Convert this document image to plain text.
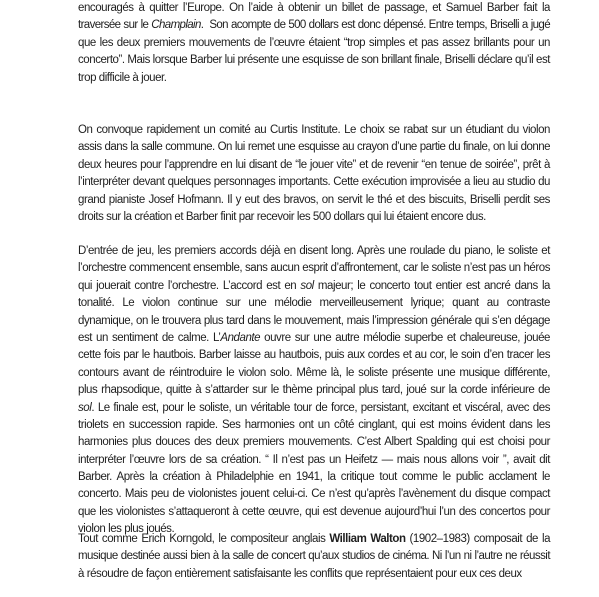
encouragés à quitter l’Europe. On l’aide à obtenir un billet de passage, et Samuel Barber fait la
traversée sur le Champlain.  Son acompte de 500 dollars est donc dépensé. Entre temps, Briselli a jugé
que les deux premiers mouvements de l’œuvre étaient “trop simples et pas assez brillants pour un
concerto”. Mais lorsque Barber lui présente une esquisse de son brillant finale, Briselli déclare qu’il est
trop difficile à jouer.

On convoque rapidement un comité au Curtis Institute. Le choix se rabat sur un étudiant du violon
assis dans la salle commune. On lui remet une esquisse au crayon d’une partie du finale, on lui donne
deux heures pour l’apprendre en lui disant de “le jouer vite” et de revenir “en tenue de soirée”, prêt à
l’interpréter devant quelques personnages importants. Cette exécution improvisée a lieu au studio du
grand pianiste Josef Hofmann. Il y eut des bravos, on servit le thé et des biscuits, Briselli perdit ses
droits sur la création et Barber finit par recevoir les 500 dollars qui lui étaient encore dus.

D’entrée de jeu, les premiers accords déjà en disent long. Après une roulade du piano, le soliste et
l’orchestre commencent ensemble, sans aucun esprit d’affrontement, car le soliste n’est pas un héros
qui jouerait contre l’orchestre. L’accord est en sol majeur; le concerto tout entier est ancré dans la
tonalité. Le violon continue sur une mélodie merveilleusement lyrique; quant au contraste
dynamique, on le trouvera plus tard dans le mouvement, mais l’impression générale qui s’en dégage
est un sentiment de calme. L’Andante ouvre sur une autre mélodie superbe et chaleureuse, jouée
cette fois par le hautbois. Barber laisse au hautbois, puis aux cordes et au cor, le soin d’en tracer les
contours avant de réintroduire le violon solo. Même là, le soliste présente une musique différente,
plus rhapsodique, quitte à s’attarder sur le thème principal plus tard, joué sur la corde inférieure de
sol. Le finale est, pour le soliste, un véritable tour de force, persistant, excitant et viscéral, avec des
triolets en succession rapide. Ses harmonies ont un côté cinglant, qui est moins évident dans les
harmonies plus douces des deux premiers mouvements. C’est Albert Spalding qui est choisi pour
interpréter l’œuvre lors de sa création. “ Il n’est pas un Heifetz — mais nous allons voir ”, avait dit
Barber. Après la création à Philadelphie en 1941, la critique tout comme le public acclament le
concerto. Mais peu de violonistes jouent celui-ci. Ce n’est qu’après l’avènement du disque compact
que les violonistes s’attaqueront à cette œuvre, qui est devenue aujourd’hui l’un des concertos pour
violon les plus joués.

Tout comme Erich Korngold, le compositeur anglais William Walton (1902–1983) composait de la
musique destinée aussi bien à la salle de concert qu’aux studios de cinéma. Ni l’un ni l’autre ne réussit
à résoudre de façon entièrement satisfaisante les conflits que représentaient pour eux ces deux
